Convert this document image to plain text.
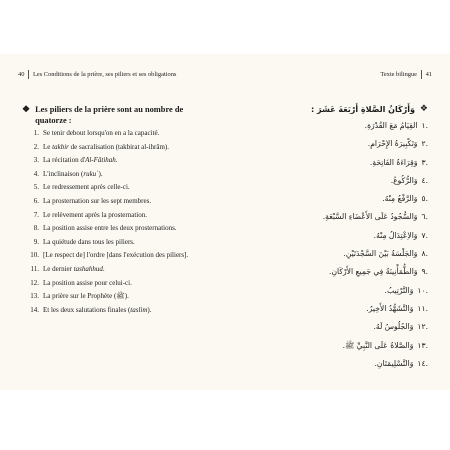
40 Les Conditions de la prière, ses piliers et ses obligations	Texte bilingue 41
❖ Les piliers de la prière sont au nombre de
quatorze :
1. Se tenir debout lorsqu'on en a la capacité.
2. Le takbir de sacralisation (takbirat al-ihrâm).
3. La récitation d'Al-Fâtihah.
4. L'inclinaison (rukuʿ).
5. Le redressement après celle-ci.
6. La prosternation sur les sept membres.
7. Le relèvement après la prosternation.
8. La position assise entre les deux prosternations.
9. La quiétude dans tous les piliers.
10. [Le respect de] l'ordre [dans l'exécution des piliers].
11. Le dernier tashahhud.
12. La position assise pour celui-ci.
13. La prière sur le Prophète (ﷺ).
14. Et les deux salutations finales (taslim).
❖
وَأَرْكَانُ الصَّلاةِ أَرْبَعَةَ عَشَرَ :
.١
القِيَامُ مَعَ القُدْرَةِ.
.٢
وَتَكْبِيرَةُ الإِحْرَامِ.
.٣
وَقِرَاءَةُ الفَاتِحَةِ.
.٤
وَالرُّكُوعُ.
.٥
وَالرَّفْعُ مِنْهُ.
.٦
وَالسُّجُودُ عَلَى الأَعْضَاءِ السَّبْعَةِ.
.٧
وَالاِعْتِدَالُ مِنْهُ.
.٨
وَالجَلْسَةُ بَيْنَ السَّجْدَتَيْنِ.
.٩
وَالطُّمَأْنِينَةُ فِي جَمِيعِ الأَرْكَانِ.
.١٠
وَالتَّرْتِيبُ.
.١١
وَالتَّشَهُّدُ الأَخِيرُ.
.١٢
وَالجُلُوسُ لَهُ.
.١٣
وَالصَّلاةُ عَلَى النَّبِيِّ ﷺ.
.١٤
وَالتَّسْلِيمَتَانِ.
